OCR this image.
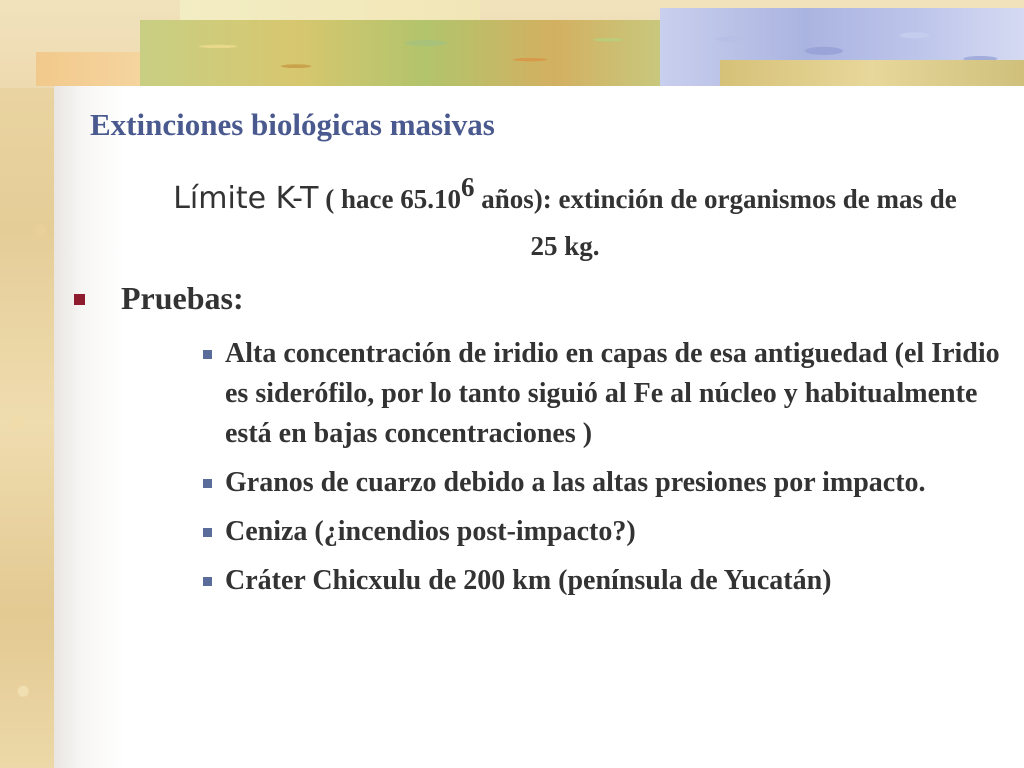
Extinciones biológicas masivas
Límite K-T ( hace 65.10$^6$ años): extinción de organismos de mas de 25 kg.
Pruebas:
Alta concentración de iridio en capas de esa antiguedad (el Iridio es siderófilo, por lo tanto siguió al Fe al núcleo y habitualmente está en bajas concentraciones )
Granos de cuarzo debido a las altas presiones por impacto.
Ceniza (¿incendios post-impacto?)
Cráter Chicxulu de 200 km (península de Yucatán)
